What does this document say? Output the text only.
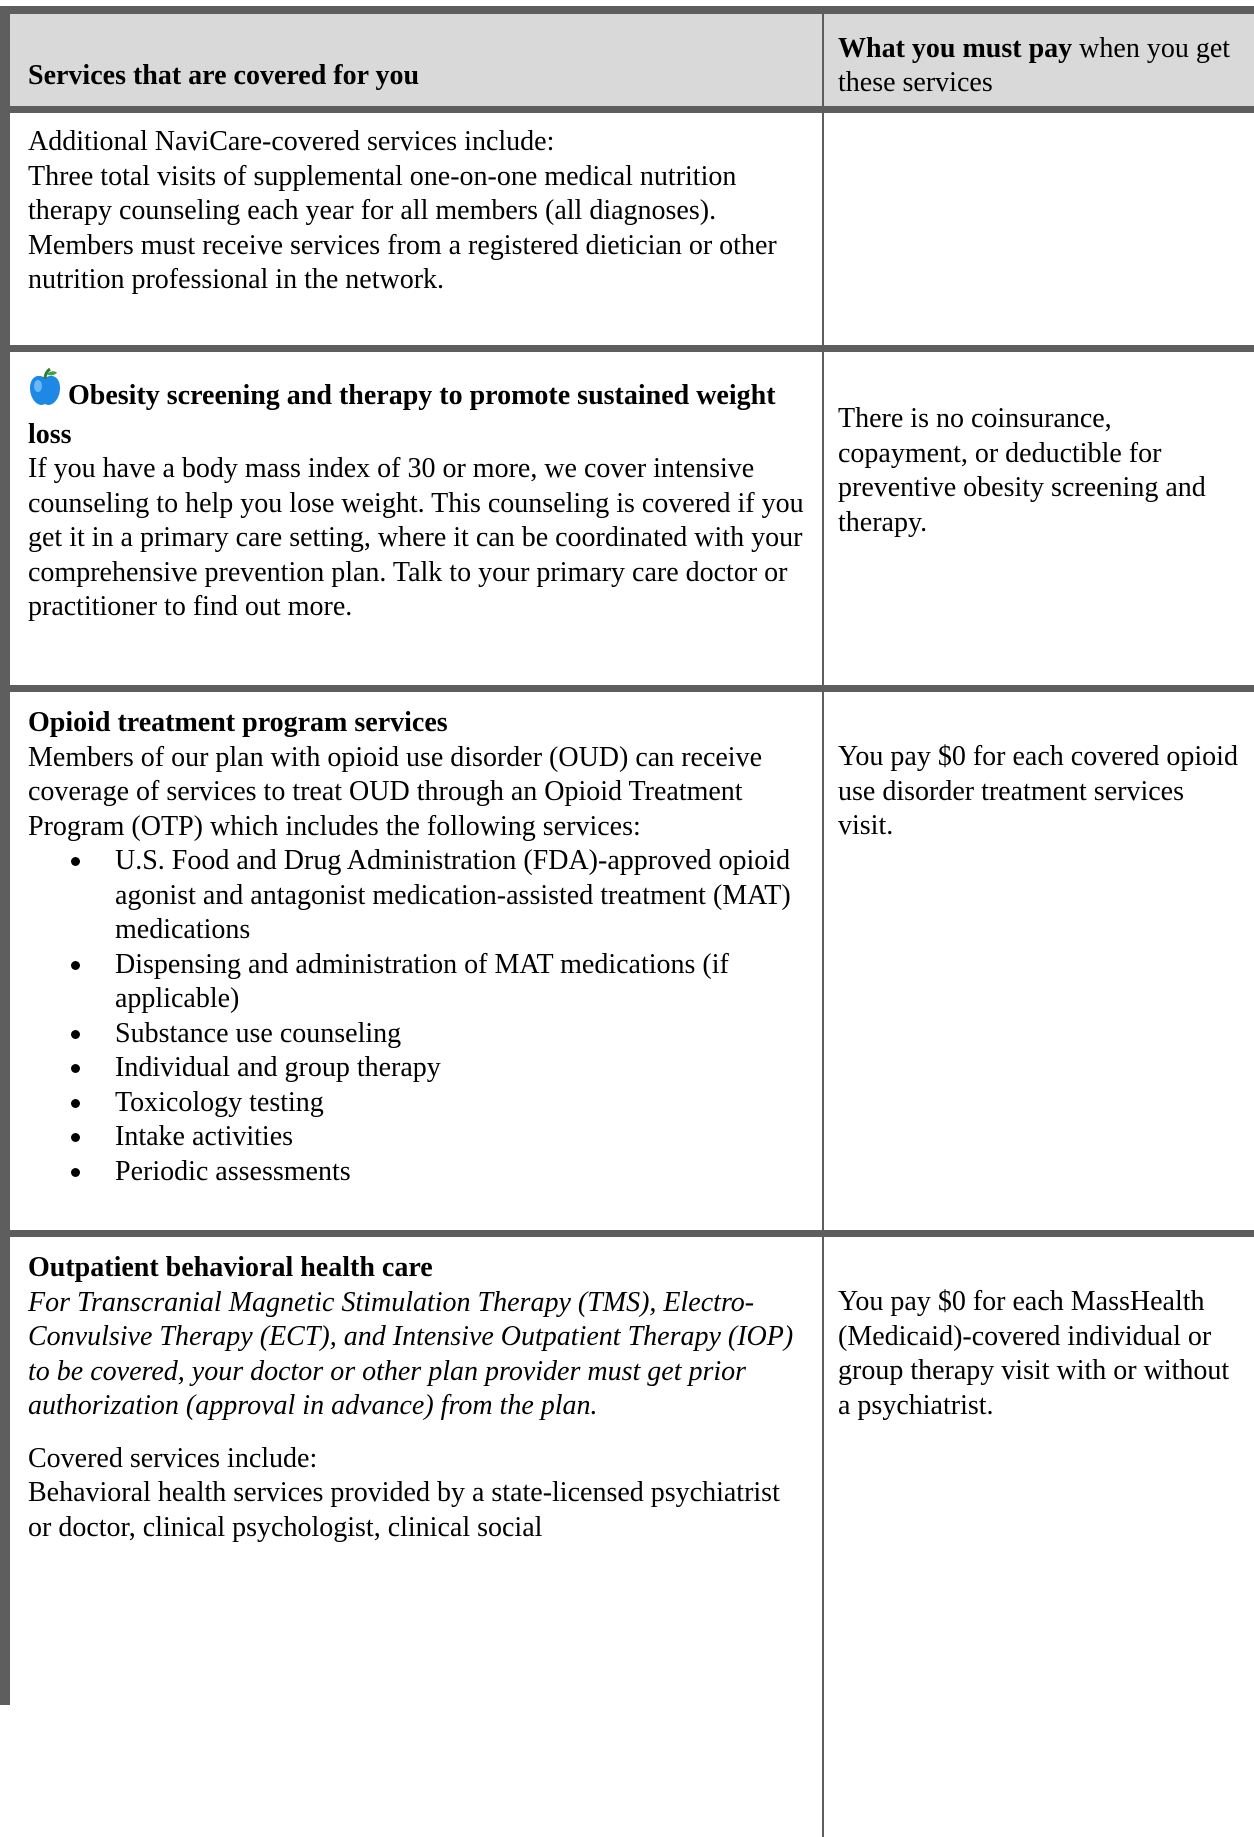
Services that are covered for you
What you must pay when you get these services
Additional NaviCare-covered services include:
Three total visits of supplemental one-on-one medical nutrition therapy counseling each year for all members (all diagnoses). Members must receive services from a registered dietician or other nutrition professional in the network.
Obesity screening and therapy to promote sustained weight loss
If you have a body mass index of 30 or more, we cover intensive counseling to help you lose weight. This counseling is covered if you get it in a primary care setting, where it can be coordinated with your comprehensive prevention plan. Talk to your primary care doctor or practitioner to find out more.
There is no coinsurance, copayment, or deductible for preventive obesity screening and therapy.
Opioid treatment program services
Members of our plan with opioid use disorder (OUD) can receive coverage of services to treat OUD through an Opioid Treatment Program (OTP) which includes the following services:
U.S. Food and Drug Administration (FDA)-approved opioid agonist and antagonist medication-assisted treatment (MAT) medications
Dispensing and administration of MAT medications (if applicable)
Substance use counseling
Individual and group therapy
Toxicology testing
Intake activities
Periodic assessments
You pay $0 for each covered opioid use disorder treatment services visit.
Outpatient behavioral health care
For Transcranial Magnetic Stimulation Therapy (TMS), Electro-Convulsive Therapy (ECT), and Intensive Outpatient Therapy (IOP) to be covered, your doctor or other plan provider must get prior authorization (approval in advance) from the plan.
Covered services include:
Behavioral health services provided by a state-licensed psychiatrist or doctor, clinical psychologist, clinical social
You pay $0 for each MassHealth (Medicaid)-covered individual or group therapy visit with or without a psychiatrist.
